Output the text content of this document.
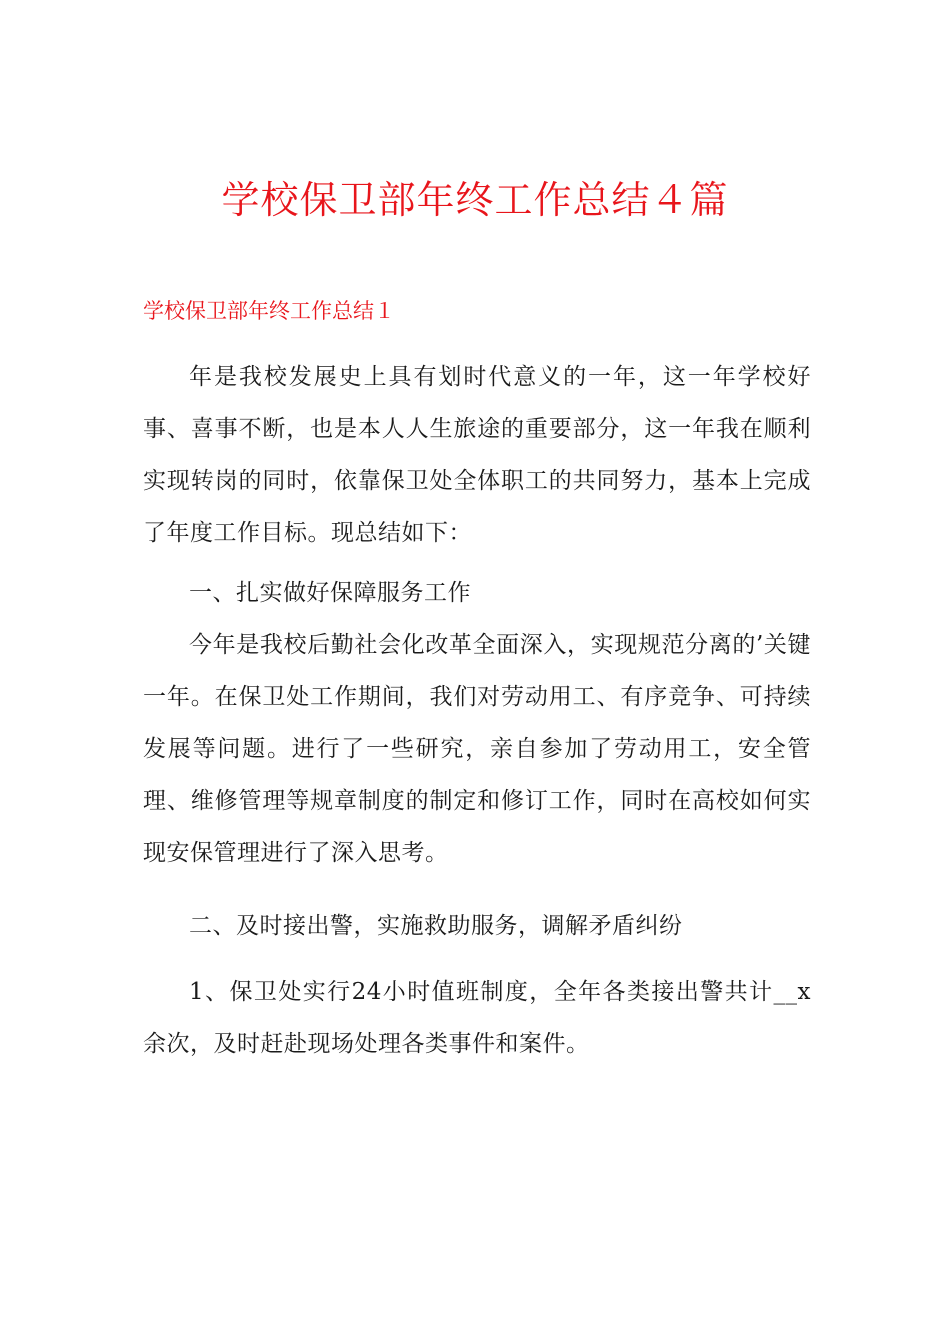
学校保卫部年终工作总结４篇
学校保卫部年终工作总结１

年是我校发展史上具有划时代意义的一年，这一年学校好事、喜事不断，也是本人人生旅途的重要部分，这一年我在顺利实现转岗的同时，依靠保卫处全体职工的共同努力，基本上完成了年度工作目标。现总结如下：

一、扎实做好保障服务工作

今年是我校后勤社会化改革全面深入，实现规范分离的’关键一年。在保卫处工作期间，我们对劳动用工、有序竞争、可持续发展等问题。进行了一些研究，亲自参加了劳动用工，安全管理、维修管理等规章制度的制定和修订工作，同时在高校如何实现安保管理进行了深入思考。

二、及时接出警，实施救助服务，调解矛盾纠纷

1、保卫处实行24小时值班制度，全年各类接出警共计__x余次，及时赶赴现场处理各类事件和案件。
